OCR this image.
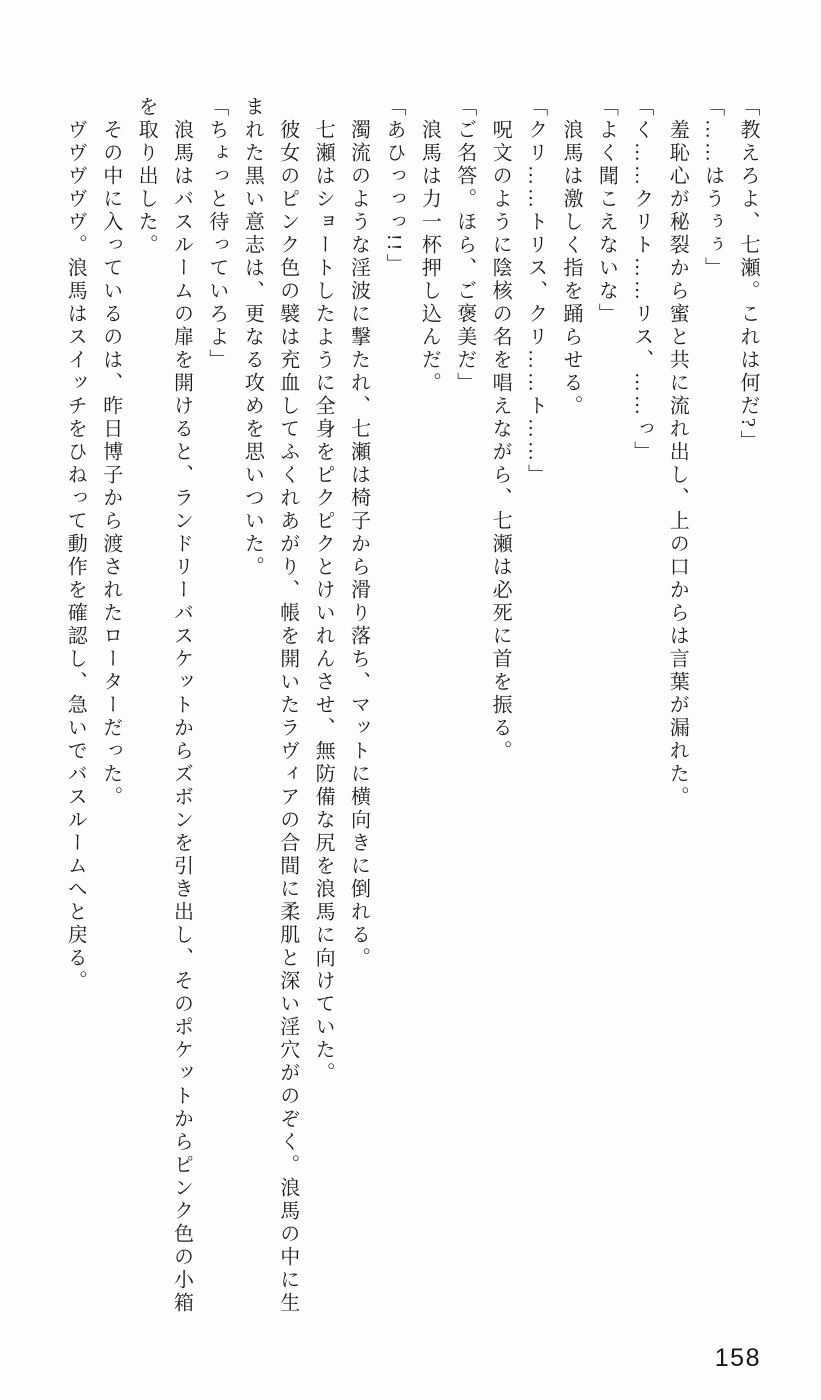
「教えろよ、七瀬。これは何だ?」

「……はうぅぅ」

羞恥心が秘裂から蜜と共に流れ出し、上の口からは言葉が漏れた。

「く……クリト……リス、……っ」

「よく聞こえないな」

浪馬は激しく指を踊らせる。

「クリ……トリス、クリ……ト……」

呪文のように陰核の名を唱えながら、七瀬は必死に首を振る。

「ご名答。ほら、ご褒美だ」

浪馬は力一杯押し込んだ。

「あひっっっ!!」

濁流のような淫波に撃たれ、七瀬は椅子から滑り落ち、マットに横向きに倒れる。

七瀬はショートしたように全身をピクピクとけいれんさせ、無防備な尻を浪馬に向けていた。

彼女のピンク色の襞は充血してふくれあがり、帳を開いたラヴィアの合間に柔肌と深い淫穴がのぞく。浪馬の中に生

まれた黒い意志は、更なる攻めを思いついた。

「ちょっと待っていろよ」

浪馬はバスルームの扉を開けると、ランドリーバスケットからズボンを引き出し、そのポケットからピンク色の小箱

を取り出した。

その中に入っているのは、昨日博子から渡されたローターだった。

ヴヴヴヴヴ。浪馬はスイッチをひねって動作を確認し、急いでバスルームへと戻る。

158
